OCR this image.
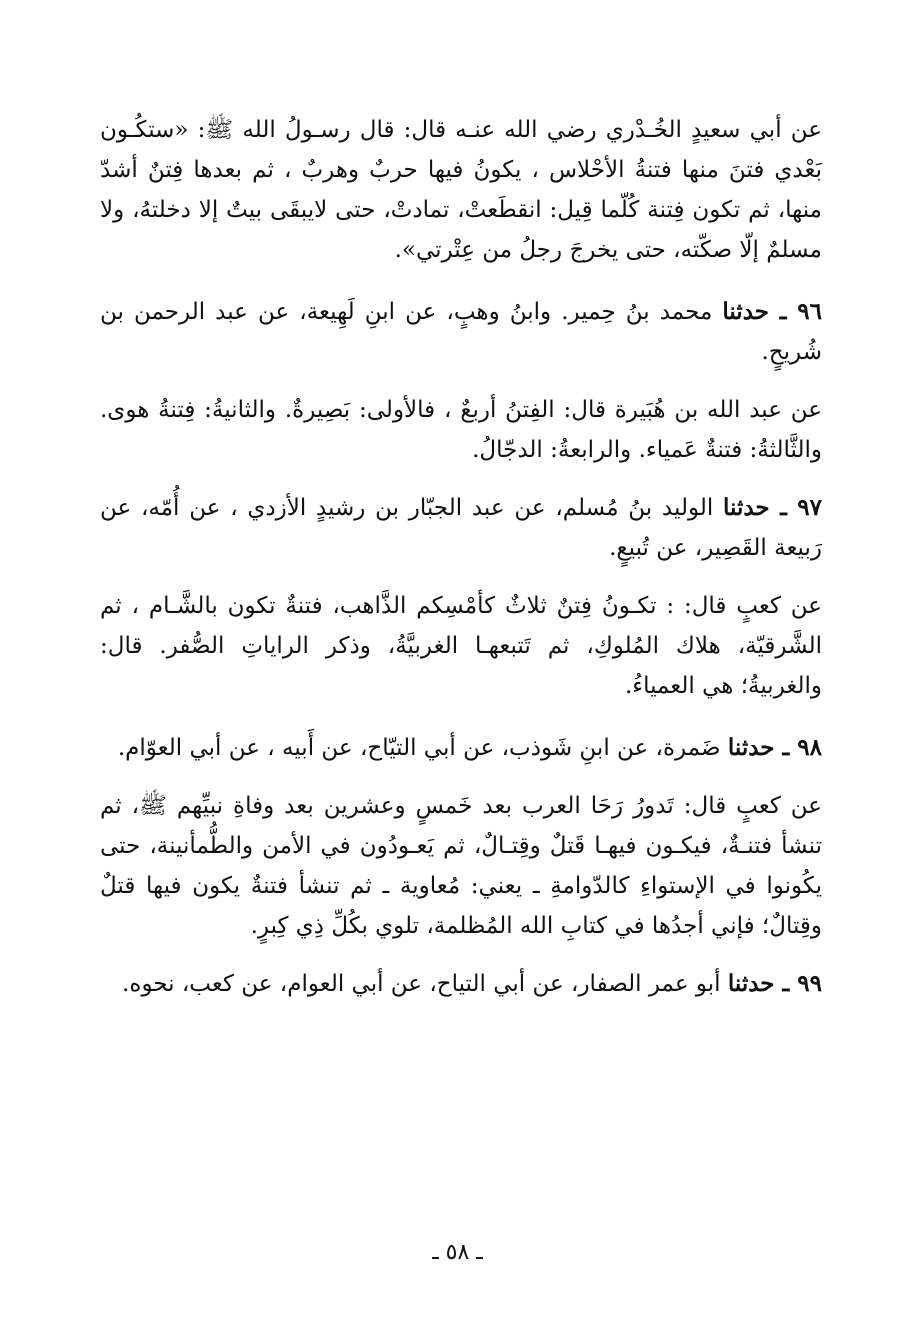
عن أبي سعيدٍ الخُـدْري رضي الله عنـه قال: قال رسـولُ الله ﷺ: «ستكُـون بَعْدي فتنَ منها فتنةُ الأحْلاس ، يكونُ فيها حربٌ وهربٌ ، ثم بعدها فِتنٌ أشدّ منها، ثم تكون فِتنة كُلّما قِيل: انقطَعتْ، تمادتْ، حتى لايبقَى بيتٌ إلا دخلتهُ، ولا مسلمٌ إلّا صكّته، حتى يخرجَ رجلُ من عِتْرتي».

٩٦ ـ حدثنا محمد بنُ حِمير. وابنُ وهبٍ، عن ابنِ لَهِيعة، عن عبد الرحمن بن شُريحٍ.

عن عبد الله بن هُبَيرة قال: الفِتنُ أربعٌ ، فالأولى: بَصِيرةٌ. والثانيةُ: فِتنةُ هوى. والثَّالثةُ: فتنةٌ عَمياء. والرابعةُ: الدجّالُ.

٩٧ ـ حدثنا الوليد بنُ مُسلم، عن عبد الجبّار بن رشيدٍ الأزدي ، عن أُمّه، عن رَبيعة القَصِير، عن تُبيعٍ.

عن كعبٍ قال: : تكـونُ فِتنٌ ثلاثٌ كأمْسِكم الذَّاهب، فتنةٌ تكون بالشَّـام ، ثم الشَّرقيّة، هلاك المُلوكِ، ثم تَتبعهـا الغربيَّةُ، وذكر الراياتِ الصُّفر. قال: والغربيةُ؛ هي العمياءُ.

٩٨ ـ حدثنا ضَمرة، عن ابنِ شَوذب، عن أبي التيّاح، عن أَبيه ، عن أبي العوّام.

عن كعبٍ قال: تَدورُ رَحَا العرب بعد خَمسٍ وعشرين بعد وفاةِ نبيِّهم ﷺ، ثم تنشأ فتنـةٌ، فيكـون فيهـا قَتلٌ وقِتـالٌ، ثم يَعـودُون في الأمن والطُّمأنينة، حتى يكُونوا في الإستواءِ كالدّوامةِ ـ يعني: مُعاوية ـ ثم تنشأ فتنةٌ يكون فيها قتلٌ وقِتالٌ؛ فإني أجدُها في كتابِ الله المُظلمة، تلوي بكُلِّ ذِي كِبرٍ.

٩٩ ـ حدثنا أبو عمر الصفار، عن أبي التياح، عن أبي العوام، عن كعب، نحوه.

ـ ٥٨ ـ
